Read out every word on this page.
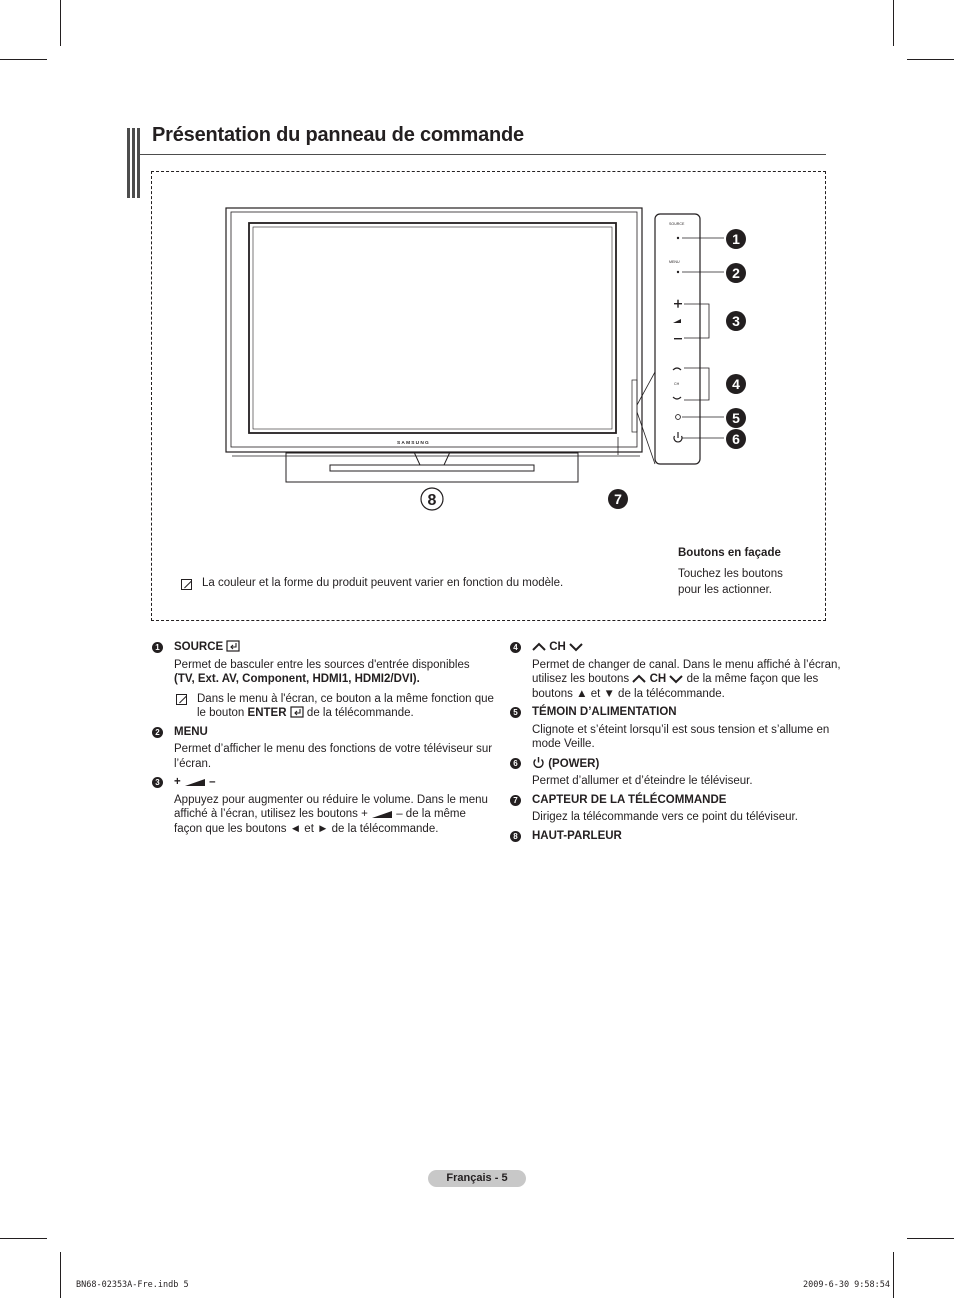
Présentation du panneau de commande
SAMSUNG
SOURCE
MENU
CH
1
2
3
4
5
6
7
8
La couleur et la forme du produit peuvent varier en fonction du modèle.
Boutons en façade
Touchez les boutons pour les actionner.
1 SOURCE
Permet de basculer entre les sources d'entrée disponibles
(TV, Ext. AV, Component, HDMI1, HDMI2/DVI).
Dans le menu à l'écran, ce bouton a la même fonction que le bouton ENTER de la télécommande.
2 MENU
Permet d’afficher le menu des fonctions de votre téléviseur sur l’écran.
3 + –
Appuyez pour augmenter ou réduire le volume. Dans le menu affiché à l’écran, utilisez les boutons + – de la même façon que les boutons ◄ et ► de la télécommande.
4	CH
Permet de changer de canal. Dans le menu affiché à l’écran, utilisez les boutons CH de la même façon que les boutons ▲ et ▼ de la télécommande.
5 TÉMOIN D’ALIMENTATION
Clignote et s’éteint lorsqu’il est sous tension et s’allume en mode Veille.
6	(POWER)
Permet d’allumer et d’éteindre le téléviseur.
7 CAPTEUR DE LA TÉLÉCOMMANDE
Dirigez la télécommande vers ce point du téléviseur.
8 HAUT-PARLEUR
Français - 5
BN68-02353A-Fre.indb 5	2009-6-30 9:58:54
